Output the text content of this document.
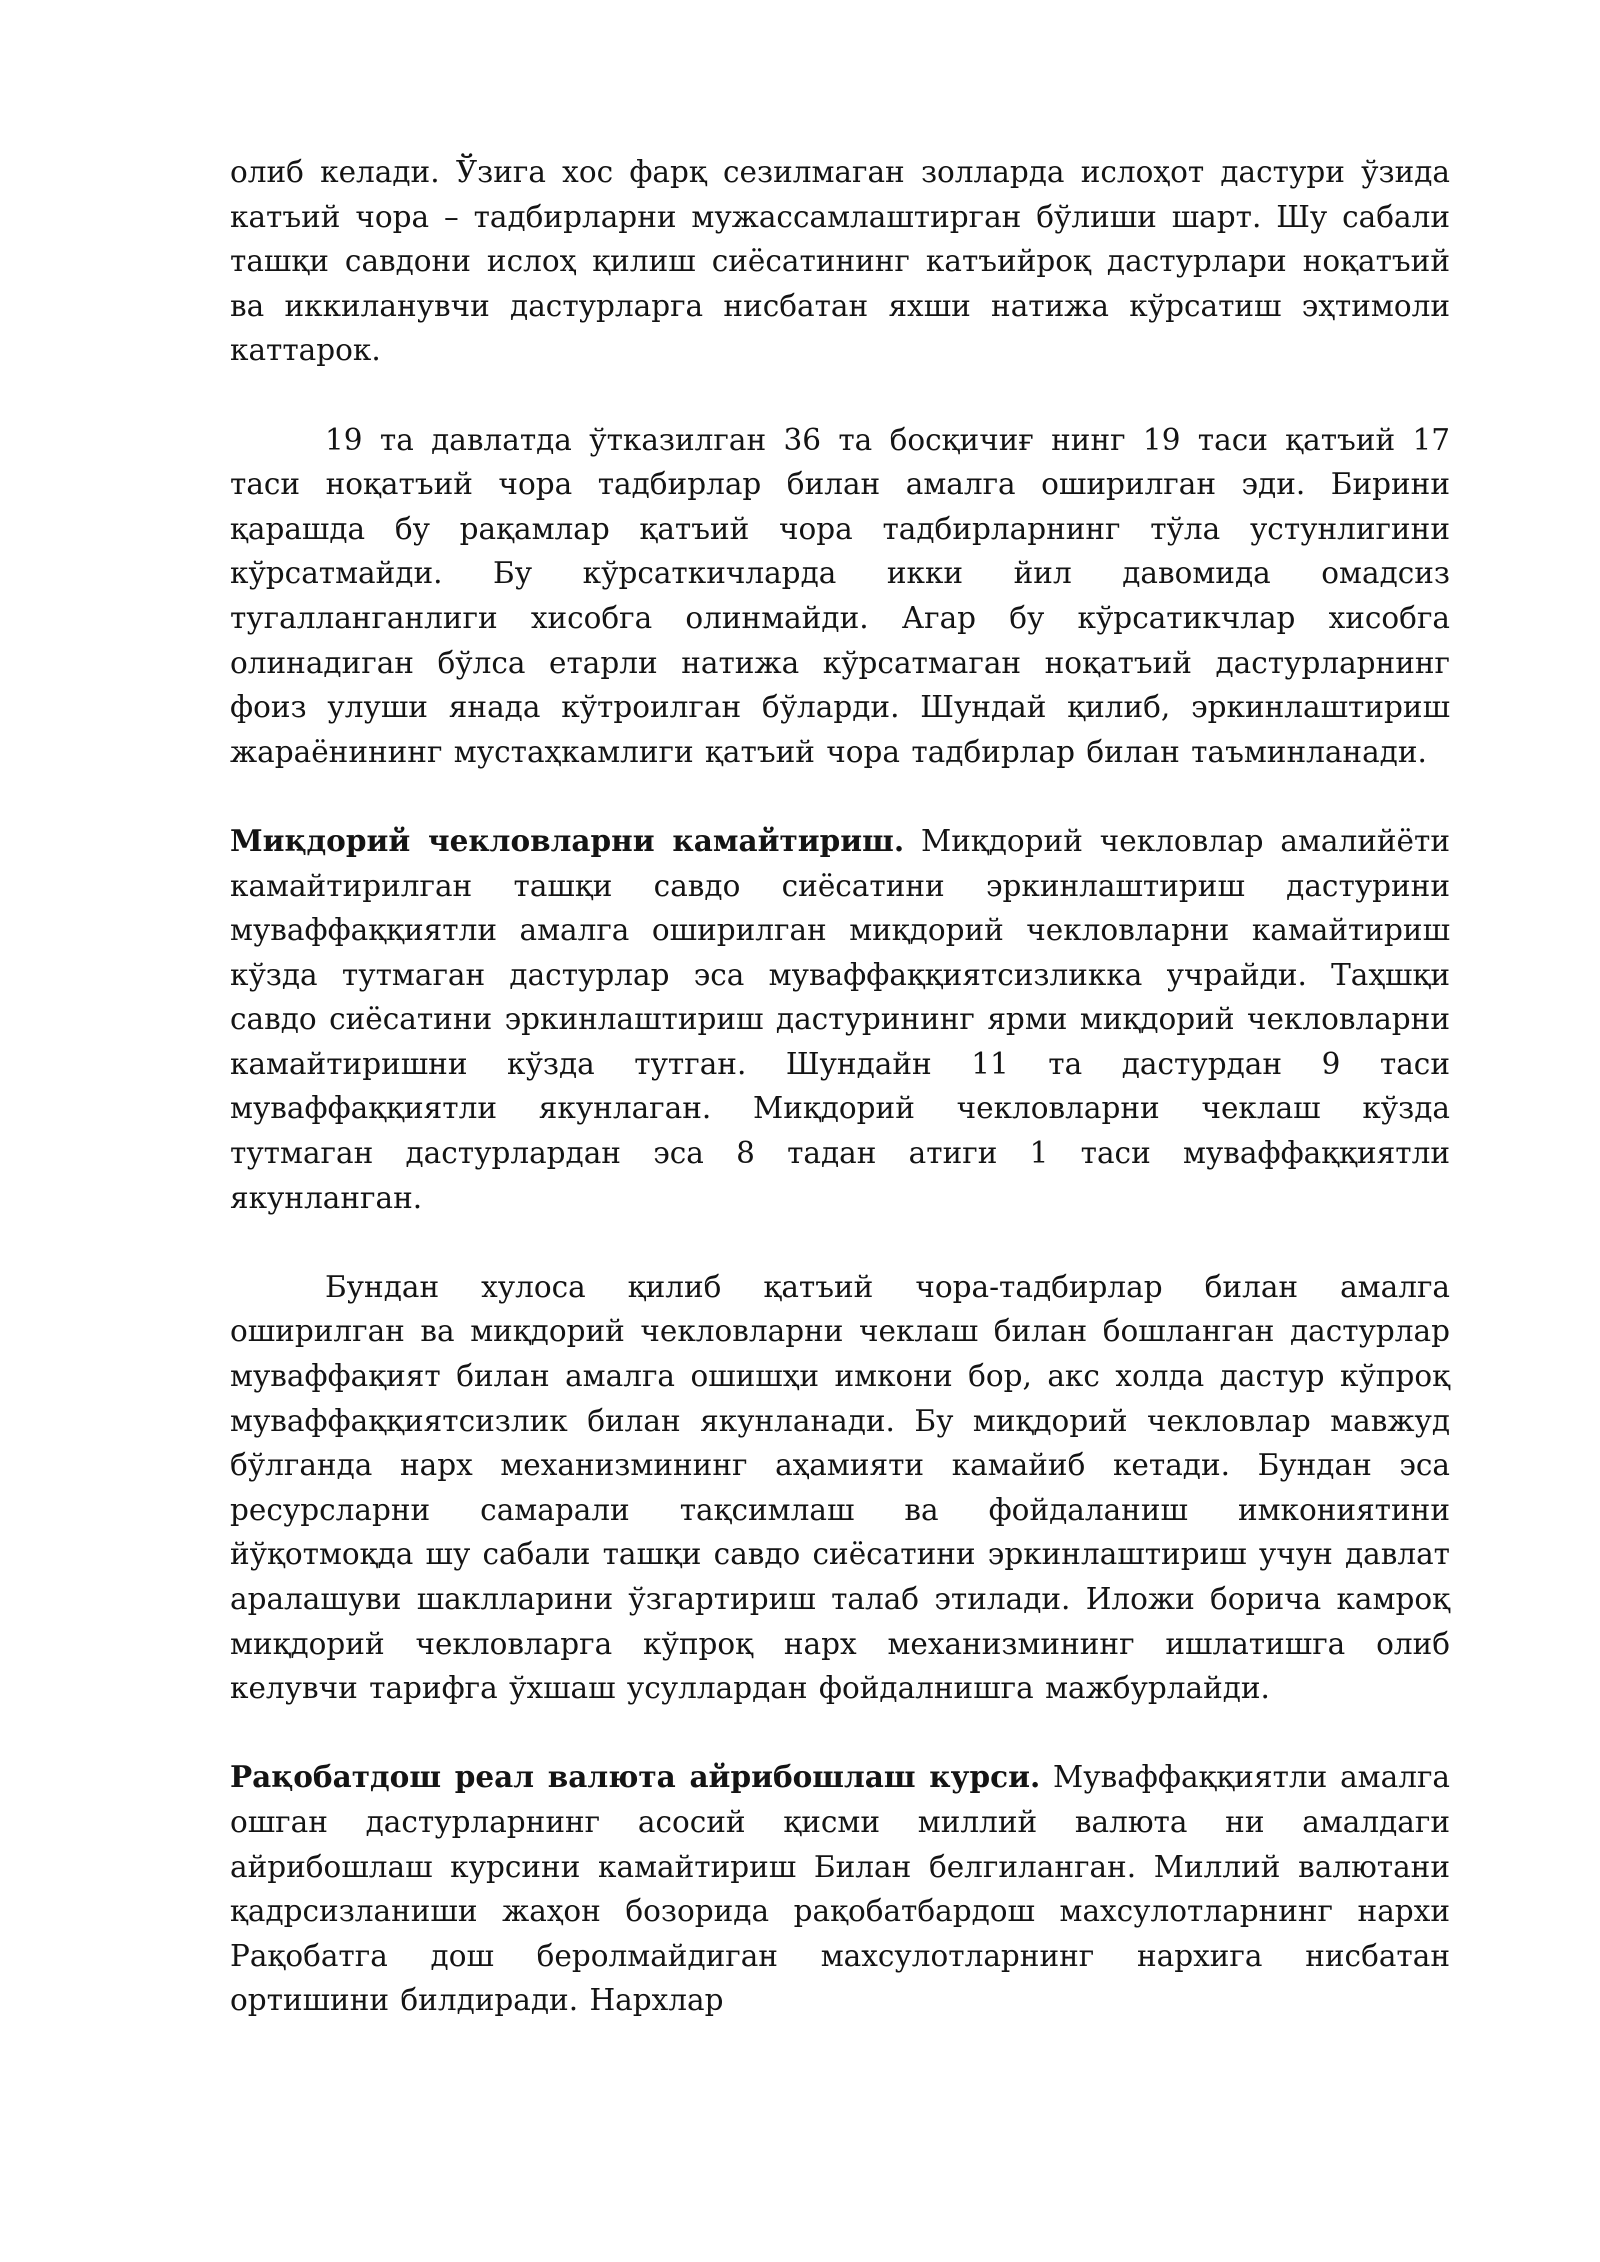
олиб келади. Ўзига хос фарқ сезилмаган золларда ислоҳот дастури ўзида катъий чора – тадбирларни мужассамлаштирган бўлиши шарт. Шу сабали ташқи савдони ислоҳ қилиш сиёсатининг катъийроқ дастурлари ноқатъий ва иккиланувчи дастурларга нисбатан яхши натижа кўрсатиш эҳтимоли каттарок.

19 та давлатда ўтказилган 36 та босқичиғ нинг 19 таси қатъий 17 таси ноқатъий чора тадбирлар билан амалга оширилган эди. Бирини қарашда бу рақамлар қатъий чора тадбирларнинг тўла устунлигини кўрсатмайди. Бу кўрсаткичларда икки йил давомида омадсиз тугалланганлиги хисобга олинмайди. Агар бу кўрсатикчлар хисобга олинадиган бўлса етарли натижа кўрсатмаган ноқатъий дастурларнинг фоиз улуши янада кўтроилган бўларди. Шундай қилиб, эркинлаштириш жараёнининг мустаҳкамлиги қатъий чора тадбирлар билан таъминланади.

Миқдорий чекловларни камайтириш. Миқдорий чекловлар амалийёти камайтирилган ташқи савдо сиёсатини эркинлаштириш дастурини муваффаққиятли амалга оширилган миқдорий чекловларни камайтириш кўзда тутмаган дастурлар эса муваффаққиятсизликка учрайди. Таҳшқи савдо сиёсатини эркинлаштириш дастурининг ярми миқдорий чекловларни камайтиришни кўзда тутган. Шундайн 11 та дастурдан 9 таси муваффаққиятли якунлаган. Миқдорий чекловларни чеклаш кўзда тутмаган дастурлардан эса 8 тадан атиги 1 таси муваффаққиятли якунланган.

Бундан хулоса қилиб қатъий чора-тадбирлар билан амалга оширилган ва миқдорий чекловларни чеклаш билан бошланган дастурлар муваффақият билан амалга ошишҳи имкони бор, акс холда дастур кўпроқ муваффаққиятсизлик билан якунланади. Бу миқдорий чекловлар мавжуд бўлганда нарх механизмининг аҳамияти камайиб кетади. Бундан эса ресурсларни самарали тақсимлаш ва фойдаланиш имкониятини йўқотмоқда шу сабали ташқи савдо сиёсатини эркинлаштириш учун давлат аралашуви шаклларини ўзгартириш талаб этилади. Иложи борича камроқ миқдорий чекловларга кўпроқ нарх механизмининг ишлатишга олиб келувчи тарифга ўхшаш усуллардан фойдалнишга мажбурлайди.

Рақобатдош реал валюта айрибошлаш курси. Муваффаққиятли амалга ошган дастурларнинг асосий қисми миллий валюта ни амалдаги айрибошлаш курсини камайтириш Билан белгиланган. Миллий валютани қадрсизланиши жаҳон бозорида рақобатбардош махсулотларнинг нархи Рақобатга дош беролмайдиган махсулотларнинг нархига нисбатан ортишини билдиради. Нархлар
